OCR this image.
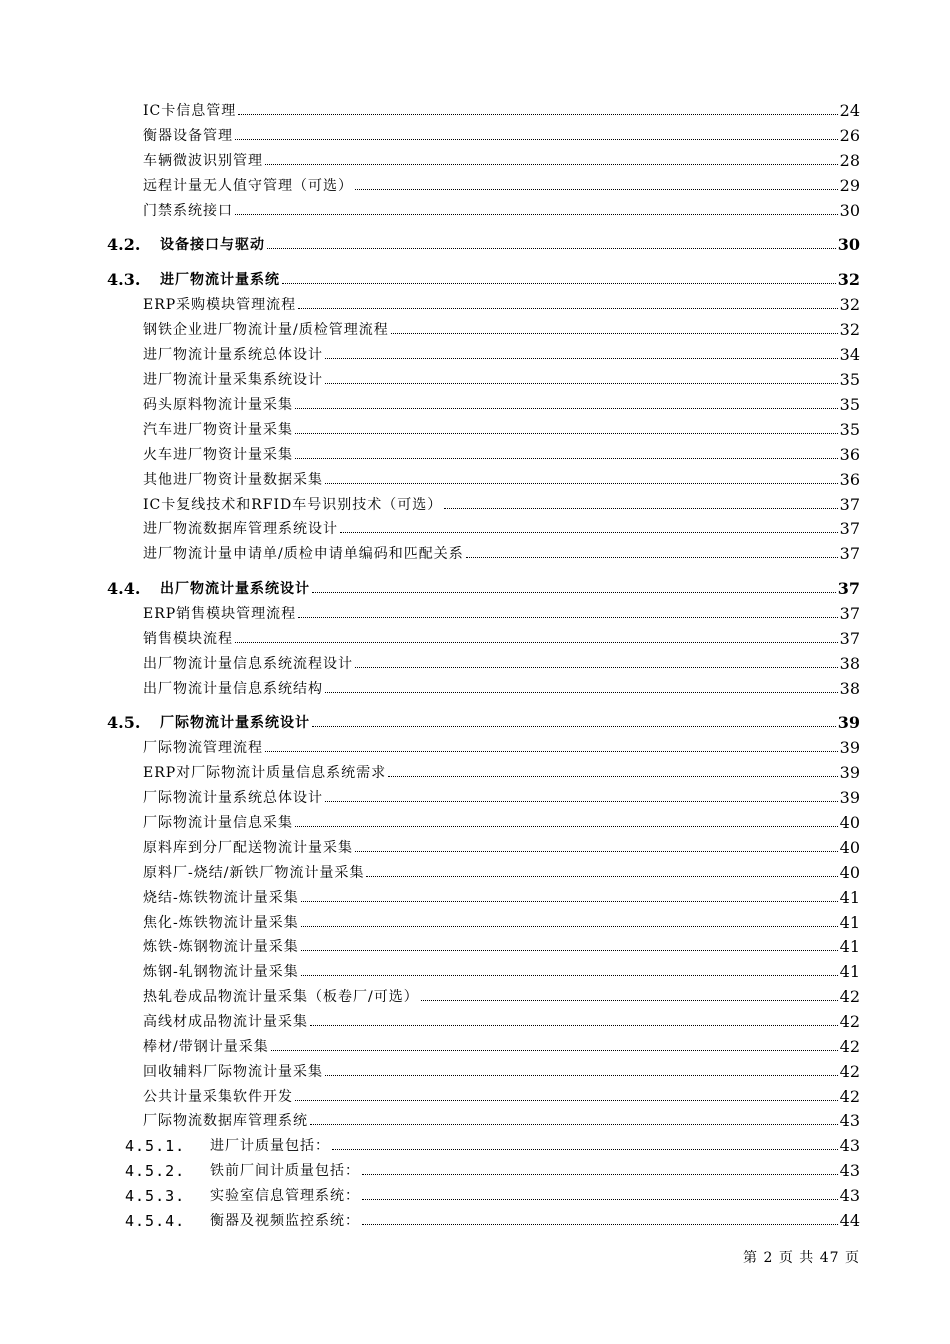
IC卡信息管理	24
衡器设备管理	26
车辆微波识别管理	28
远程计量无人值守管理（可选）	29
门禁系统接口	30
4.2. 设备接口与驱动	30
4.3. 进厂物流计量系统	32
ERP采购模块管理流程	32
钢铁企业进厂物流计量/质检管理流程	32
进厂物流计量系统总体设计	34
进厂物流计量采集系统设计	35
码头原料物流计量采集	35
汽车进厂物资计量采集	35
火车进厂物资计量采集	36
其他进厂物资计量数据采集	36
IC卡复线技术和RFID车号识别技术（可选）	37
进厂物流数据库管理系统设计	37
进厂物流计量申请单/质检申请单编码和匹配关系	37
4.4. 出厂物流计量系统设计	37
ERP销售模块管理流程	37
销售模块流程	37
出厂物流计量信息系统流程设计	38
出厂物流计量信息系统结构	38
4.5. 厂际物流计量系统设计	39
厂际物流管理流程	39
ERP对厂际物流计质量信息系统需求	39
厂际物流计量系统总体设计	39
厂际物流计量信息采集	40
原料库到分厂配送物流计量采集	40
原料厂-烧结/新铁厂物流计量采集	40
烧结-炼铁物流计量采集	41
焦化-炼铁物流计量采集	41
炼铁-炼钢物流计量采集	41
炼钢-轧钢物流计量采集	41
热轧卷成品物流计量采集（板卷厂/可选）	42
高线材成品物流计量采集	42
棒材/带钢计量采集	42
回收辅料厂际物流计量采集	42
公共计量采集软件开发	42
厂际物流数据库管理系统	43
4.5.1. 进厂计质量包括：	43
4.5.2. 铁前厂间计质量包括：	43
4.5.3. 实验室信息管理系统：	43
4.5.4. 衡器及视频监控系统：	44
第 2 页 共 47 页
